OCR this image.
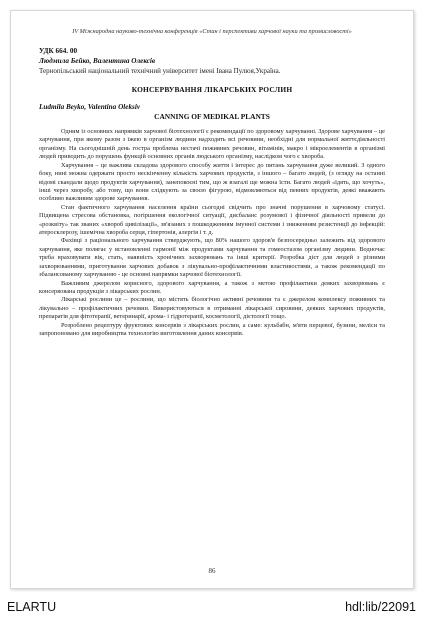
IV Міжнародна науково-технічна конференція «Стан і перспективи харчової науки та промисловості»
УДК 664. 00
Людмила Бейко, Валентина Олексів
Тернопільський національний технічний університет імені Івана Пулюя,Україна.
КОНСЕРВУВАННЯ ЛІКАРСЬКИХ РОСЛИН
Ludmila Beyko, Valentina Oleksiv
CANNING OF MEDIKAL PLANTS

Одним із основних напрямків харчової біотехнології є рекомендації по здоровому харчуванні. Здорове харчування – це харчування, при якому разом з їжею в організм людини надходять всі речовини, необхідні для нормальної життєдіяльності організму. На сьогоднішній день гостра проблема нестачі поживних речовин, вітамінів, макро і мікроелементів в організмі людей приводить до порушень функцій основних органів людського організму, наслідком чого є хвороба.

Харчування – це важлива складова здорового способу життя і інтерес до питань харчування дуже великий. З одного боку, нині можна одержати просто нескінченну кількість харчових продуктів, з іншого – багато людей, (з огляду на останні відомі скандали щодо продуктів харчування), занепокоєні тим, що ж взагалі ще можна їсти. Багато людей «їдять, що хочуть», інші через хворобу, або тому, що вони слідкують за своєю фігурою, відмовляються від певних продуктів, деякі вважають особливо важливим здорове харчування.

Стан фактичного харчування населення країни сьогодні свідчить про значні порушення в харчовому статусі. Підвищена стресова обстановка, погіршення екологічної ситуації, дисбаланс розумової і фізичної діяльності привели до «розквіту» так званих «хвороб цивілізації», зв'язаних з пошкодженням імунної системи і зниженням резистенції до інфекцій: атеросклерозу, ішемічна хвороба серця, гіпертонія, алергія і т. д.

Фахівці з раціонального харчування стверджують, що 80% нашого здоров'я безпосередньо залежить від здорового харчування, яке полягає у встановленні гармонії між продуктами харчування та гомеостазом організму людини. Водночас треба враховувати вік, стать, наявність хронічних захворювань та інші критерії. Розробка дієт для людей з різними захворюваннями, приготування харчових добавок з лікувально-профілактичними властивостями, а також рекомендації по збалансованому харчуванню - це основні напрямки харчової біотехнології.

Важливим джерелом корисного, здорового харчування, а також з метою профілактики деяких захворювань є консервована продукція з лікарських рослин.

Лікарські рослини це – рослини, що містять біологічно активні речовини та є джерелом комплексу поживних та лікувально – профілактичних речовин. Використовуються в отриманні лікарської сировини, деяких харчових продуктів, препаратів для фітотерапії, ветеринарії, арома- і гідротерапії, косметології, дієтології тощо.

Розроблено рецептуру фруктових консервів з лікарських рослин, а саме: кульбабн, м'яти перцевої, бузини, меліси та запропоновано для виробництва технологію виготовлення даних консервів.

86
ELARTU	hdl:lib/22091
